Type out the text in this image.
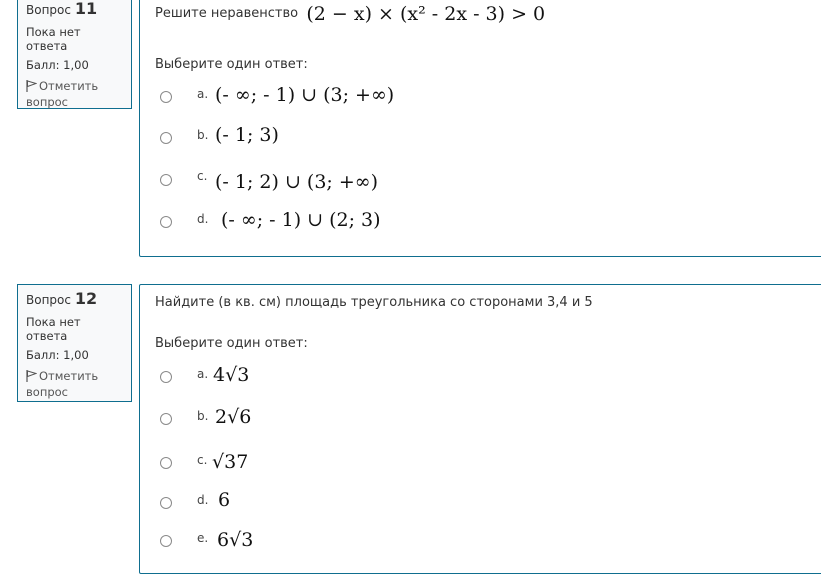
Вопрос 11
Пока нет ответа
Балл: 1,00
Отметить вопрос
Решите неравенство (2 − x) × (x² - 2x - 3) > 0
Выберите один ответ:
a. (- ∞; - 1) ∪ (3; +∞)
b. (- 1; 3)
c. (- 1; 2) ∪ (3; +∞)
d. (- ∞; - 1) ∪ (2; 3)
Вопрос 12
Пока нет ответа
Балл: 1,00
Отметить вопрос
Найдите (в кв. см) площадь треугольника со сторонами 3,4 и 5
Выберите один ответ:
a. 4√3
b. 2√6
c. √37
d. 6
e. 6√3
